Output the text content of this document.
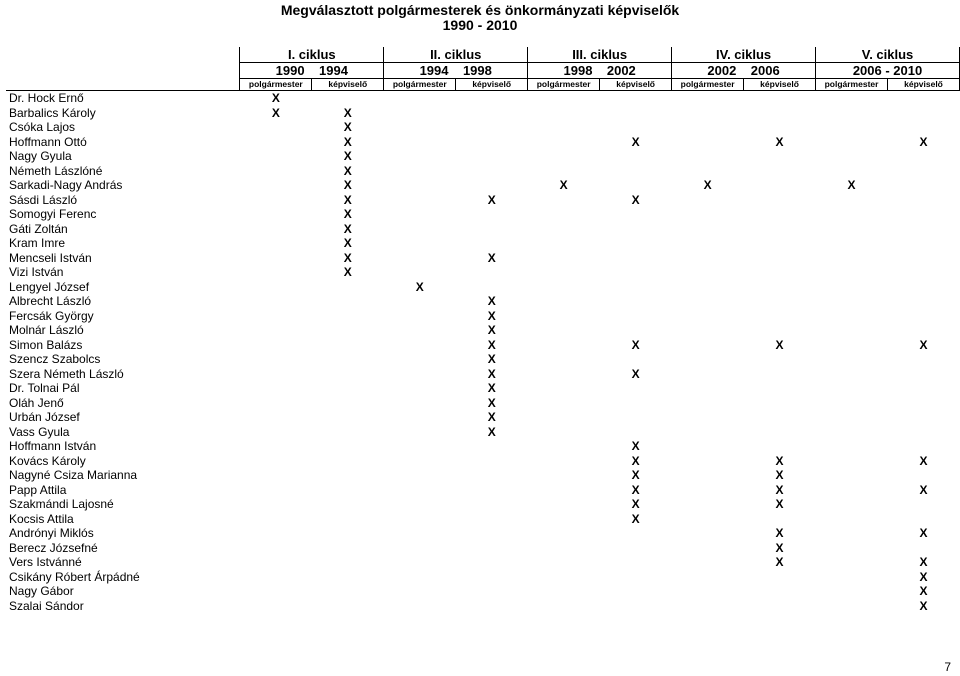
Megválasztott polgármesterek és önkormányzati képviselők
1990 - 2010
	I. ciklus		II. ciklus		III. ciklus		IV. ciklus		V. ciklus	
	1990    1994		1994    1998		1998    2002		2002    2006		2006 - 2010	
	polgármester	képviselő	polgármester	képviselő	polgármester	képviselő	polgármester	képviselő	polgármester	képviselő
Dr. Hock Ernő	X									
Barbalics Károly	X	X								
Csóka Lajos		X								
Hoffmann Ottó		X				X		X		X
Nagy Gyula		X								
Németh Lászlóné		X								
Sarkadi-Nagy András		X			X		X		X	
Sásdi László		X		X		X				
Somogyi Ferenc		X								
Gáti Zoltán		X								
Kram Imre		X								
Mencseli István		X		X						
Vizi István		X								
Lengyel József			X							
Albrecht László				X						
Fercsák György				X						
Molnár László				X						
Simon Balázs				X		X		X		X
Szencz Szabolcs				X						
Szera Németh László				X		X				
Dr. Tolnai Pál				X						
Oláh Jenő				X						
Urbán József				X						
Vass Gyula				X						
Hoffmann István						X				
Kovács Károly						X		X		X
Nagyné Csiza Marianna						X		X		
Papp Attila						X		X		X
Szakmándi Lajosné						X		X		
Kocsis Attila						X				
Andrónyi Miklós								X		X
Berecz Józsefné								X		
Vers Istvánné								X		X
Csikány Róbert Árpádné										X
Nagy Gábor										X
Szalai Sándor										X
7
